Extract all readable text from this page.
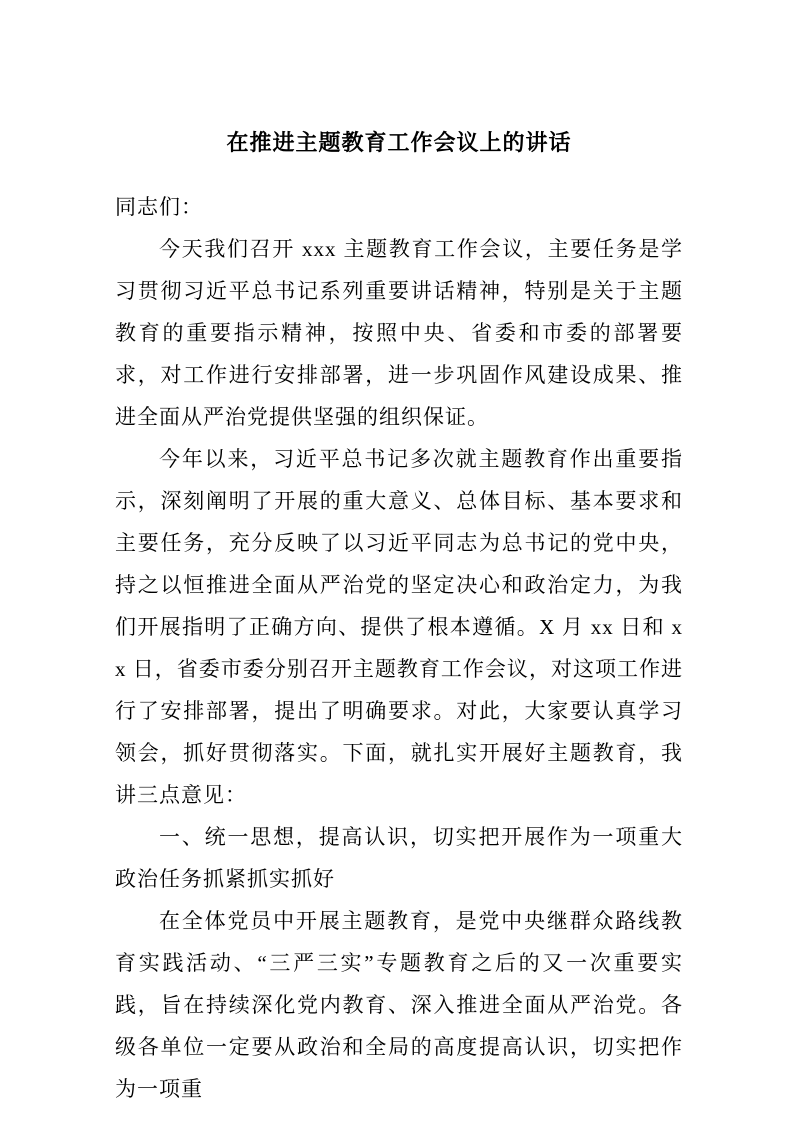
在推进主题教育工作会议上的讲话

同志们：

今天我们召开 xxx 主题教育工作会议，主要任务是学习贯彻习近平总书记系列重要讲话精神，特别是关于主题教育的重要指示精神，按照中央、省委和市委的部署要求，对工作进行安排部署，进一步巩固作风建设成果、推进全面从严治党提供坚强的组织保证。

今年以来，习近平总书记多次就主题教育作出重要指示，深刻阐明了开展的重大意义、总体目标、基本要求和主要任务，充分反映了以习近平同志为总书记的党中央，持之以恒推进全面从严治党的坚定决心和政治定力，为我们开展指明了正确方向、提供了根本遵循。X 月 xx 日和 xx 日，省委市委分别召开主题教育工作会议，对这项工作进行了安排部署，提出了明确要求。对此，大家要认真学习领会，抓好贯彻落实。下面，就扎实开展好主题教育，我讲三点意见：

一、统一思想，提高认识，切实把开展作为一项重大政治任务抓紧抓实抓好

在全体党员中开展主题教育，是党中央继群众路线教育实践活动、“三严三实”专题教育之后的又一次重要实践，旨在持续深化党内教育、深入推进全面从严治党。各级各单位一定要从政治和全局的高度提高认识，切实把作为一项重
